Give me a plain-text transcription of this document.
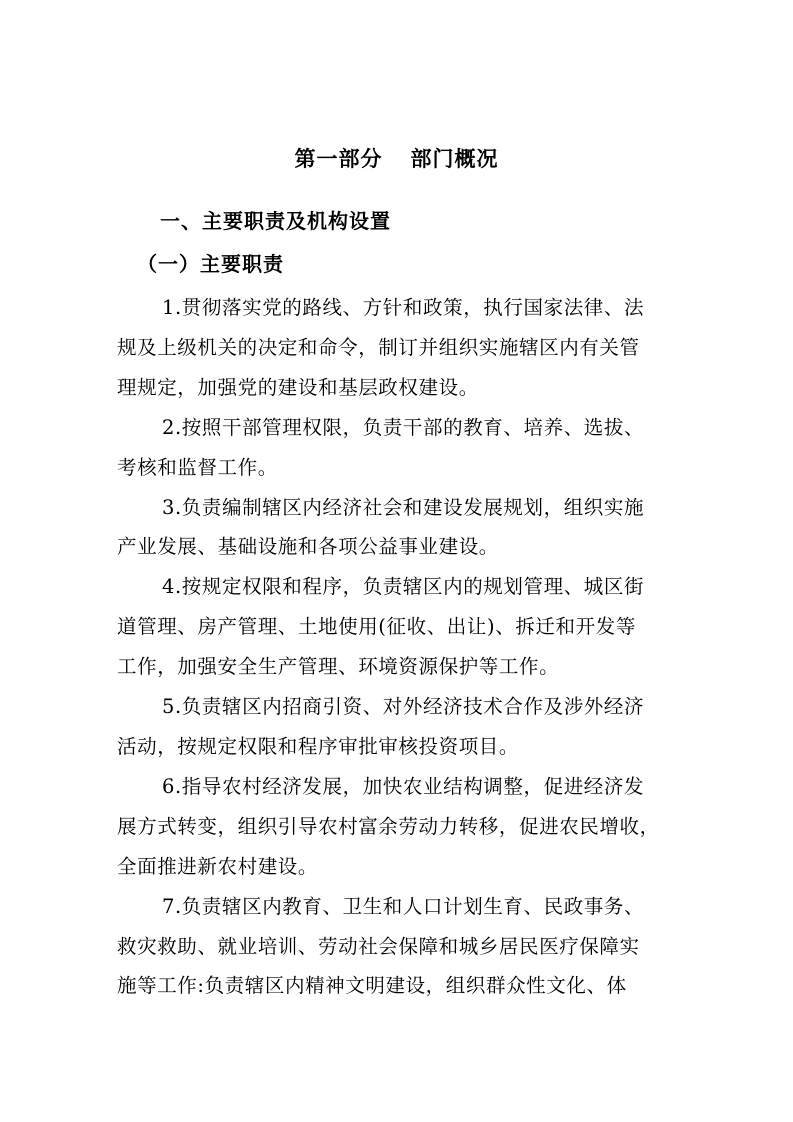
第一部分 部门概况
一、主要职责及机构设置
（一）主要职责

1.贯彻落实党的路线、方针和政策，执行国家法律、法
规及上级机关的决定和命令，制订并组织实施辖区内有关管
理规定，加强党的建设和基层政权建设。

2.按照干部管理权限，负责干部的教育、培养、选拔、
考核和监督工作。

3.负责编制辖区内经济社会和建设发展规划，组织实施
产业发展、基础设施和各项公益事业建设。

4.按规定权限和程序，负责辖区内的规划管理、城区街
道管理、房产管理、土地使用(征收、出让)、拆迁和开发等
工作，加强安全生产管理、环境资源保护等工作。

5.负责辖区内招商引资、对外经济技术合作及涉外经济
活动，按规定权限和程序审批审核投资项目。

6.指导农村经济发展，加快农业结构调整，促进经济发
展方式转变，组织引导农村富余劳动力转移，促进农民增收，
全面推进新农村建设。

7.负责辖区内教育、卫生和人口计划生育、民政事务、
救灾救助、就业培训、劳动社会保障和城乡居民医疗保障实
施等工作:负责辖区内精神文明建设，组织群众性文化、体
